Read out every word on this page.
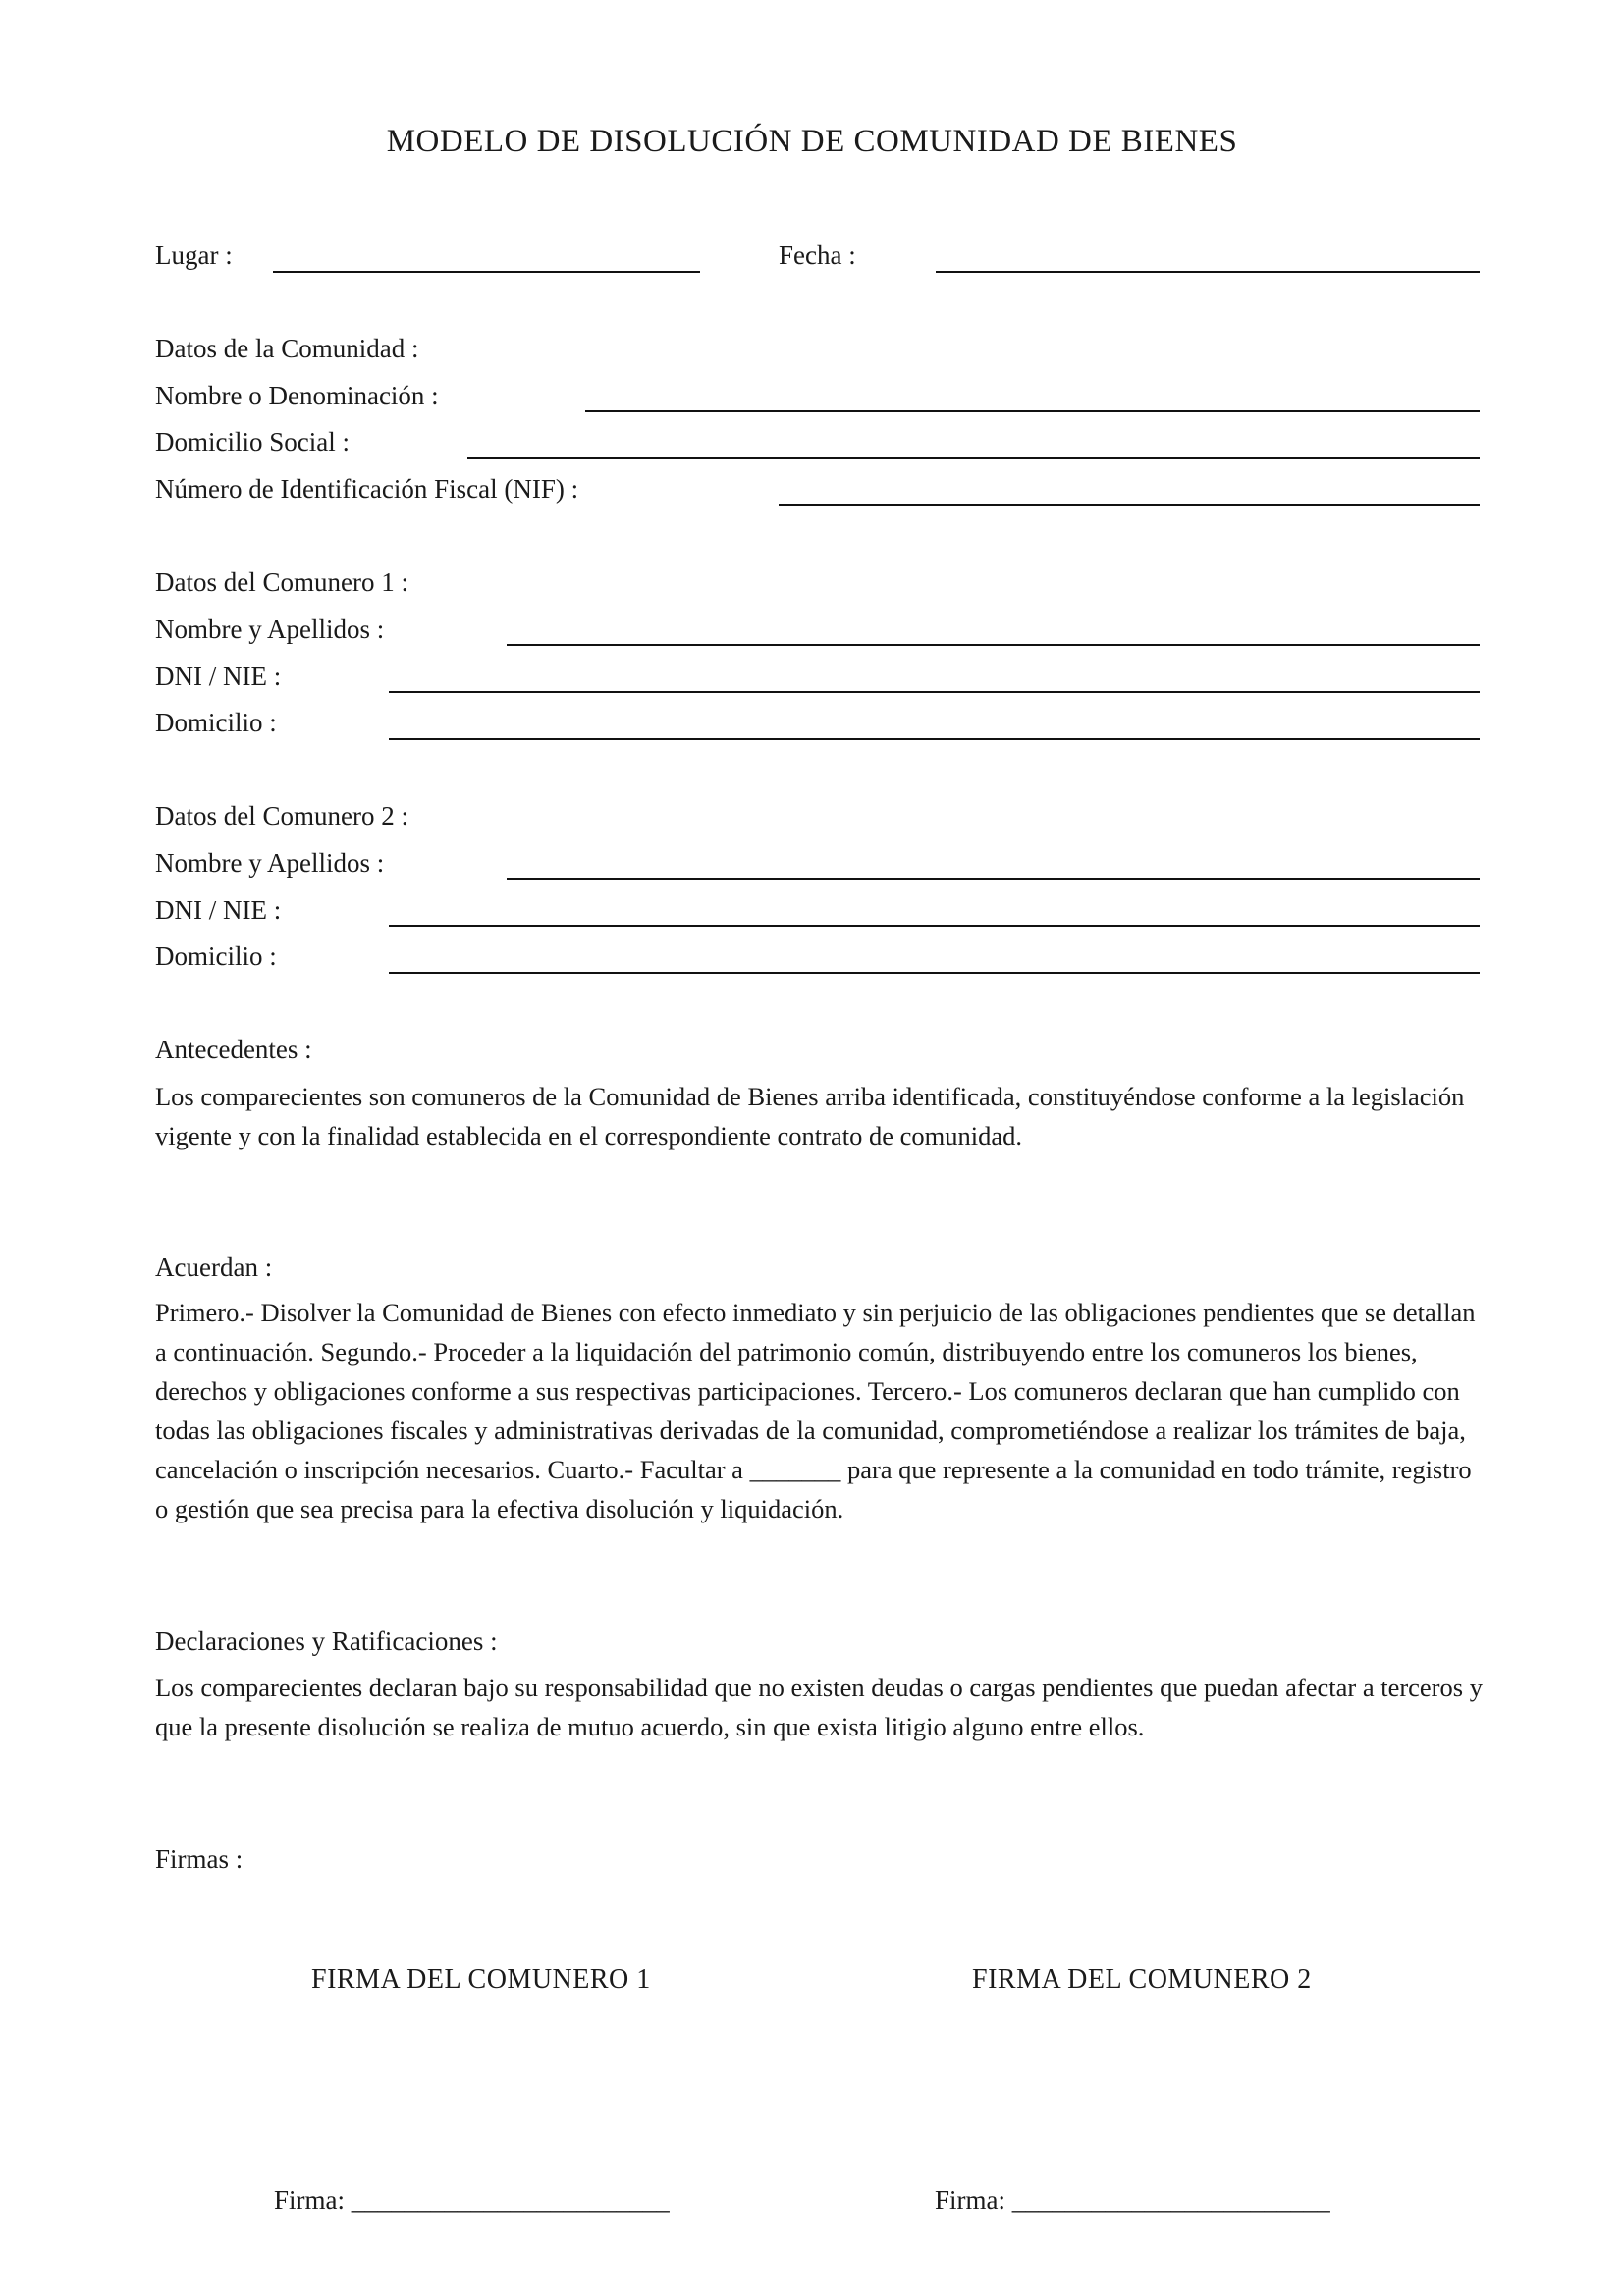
MODELO DE DISOLUCIÓN DE COMUNIDAD DE BIENES
Lugar :	Fecha :
Datos de la Comunidad :
Nombre o Denominación :
Domicilio Social :
Número de Identificación Fiscal (NIF) :
Datos del Comunero 1 :
Nombre y Apellidos :
DNI / NIE :
Domicilio :
Datos del Comunero 2 :
Nombre y Apellidos :
DNI / NIE :
Domicilio :
Antecedentes :
Los comparecientes son comuneros de la Comunidad de Bienes arriba identificada, constituyéndose conforme a la legislación vigente y con la finalidad establecida en el correspondiente contrato de comunidad.
Acuerdan :
Primero.- Disolver la Comunidad de Bienes con efecto inmediato y sin perjuicio de las obligaciones pendientes que se detallan a continuación. Segundo.- Proceder a la liquidación del patrimonio común, distribuyendo entre los comuneros los bienes, derechos y obligaciones conforme a sus respectivas participaciones. Tercero.- Los comuneros declaran que han cumplido con todas las obligaciones fiscales y administrativas derivadas de la comunidad, comprometiéndose a realizar los trámites de baja, cancelación o inscripción necesarios. Cuarto.- Facultar a _______ para que represente a la comunidad en todo trámite, registro o gestión que sea precisa para la efectiva disolución y liquidación.
Declaraciones y Ratificaciones :
Los comparecientes declaran bajo su responsabilidad que no existen deudas o cargas pendientes que puedan afectar a terceros y que la presente disolución se realiza de mutuo acuerdo, sin que exista litigio alguno entre ellos.
Firmas :
FIRMA DEL COMUNERO 1	FIRMA DEL COMUNERO 2
Firma: ________________________	Firma: ________________________
